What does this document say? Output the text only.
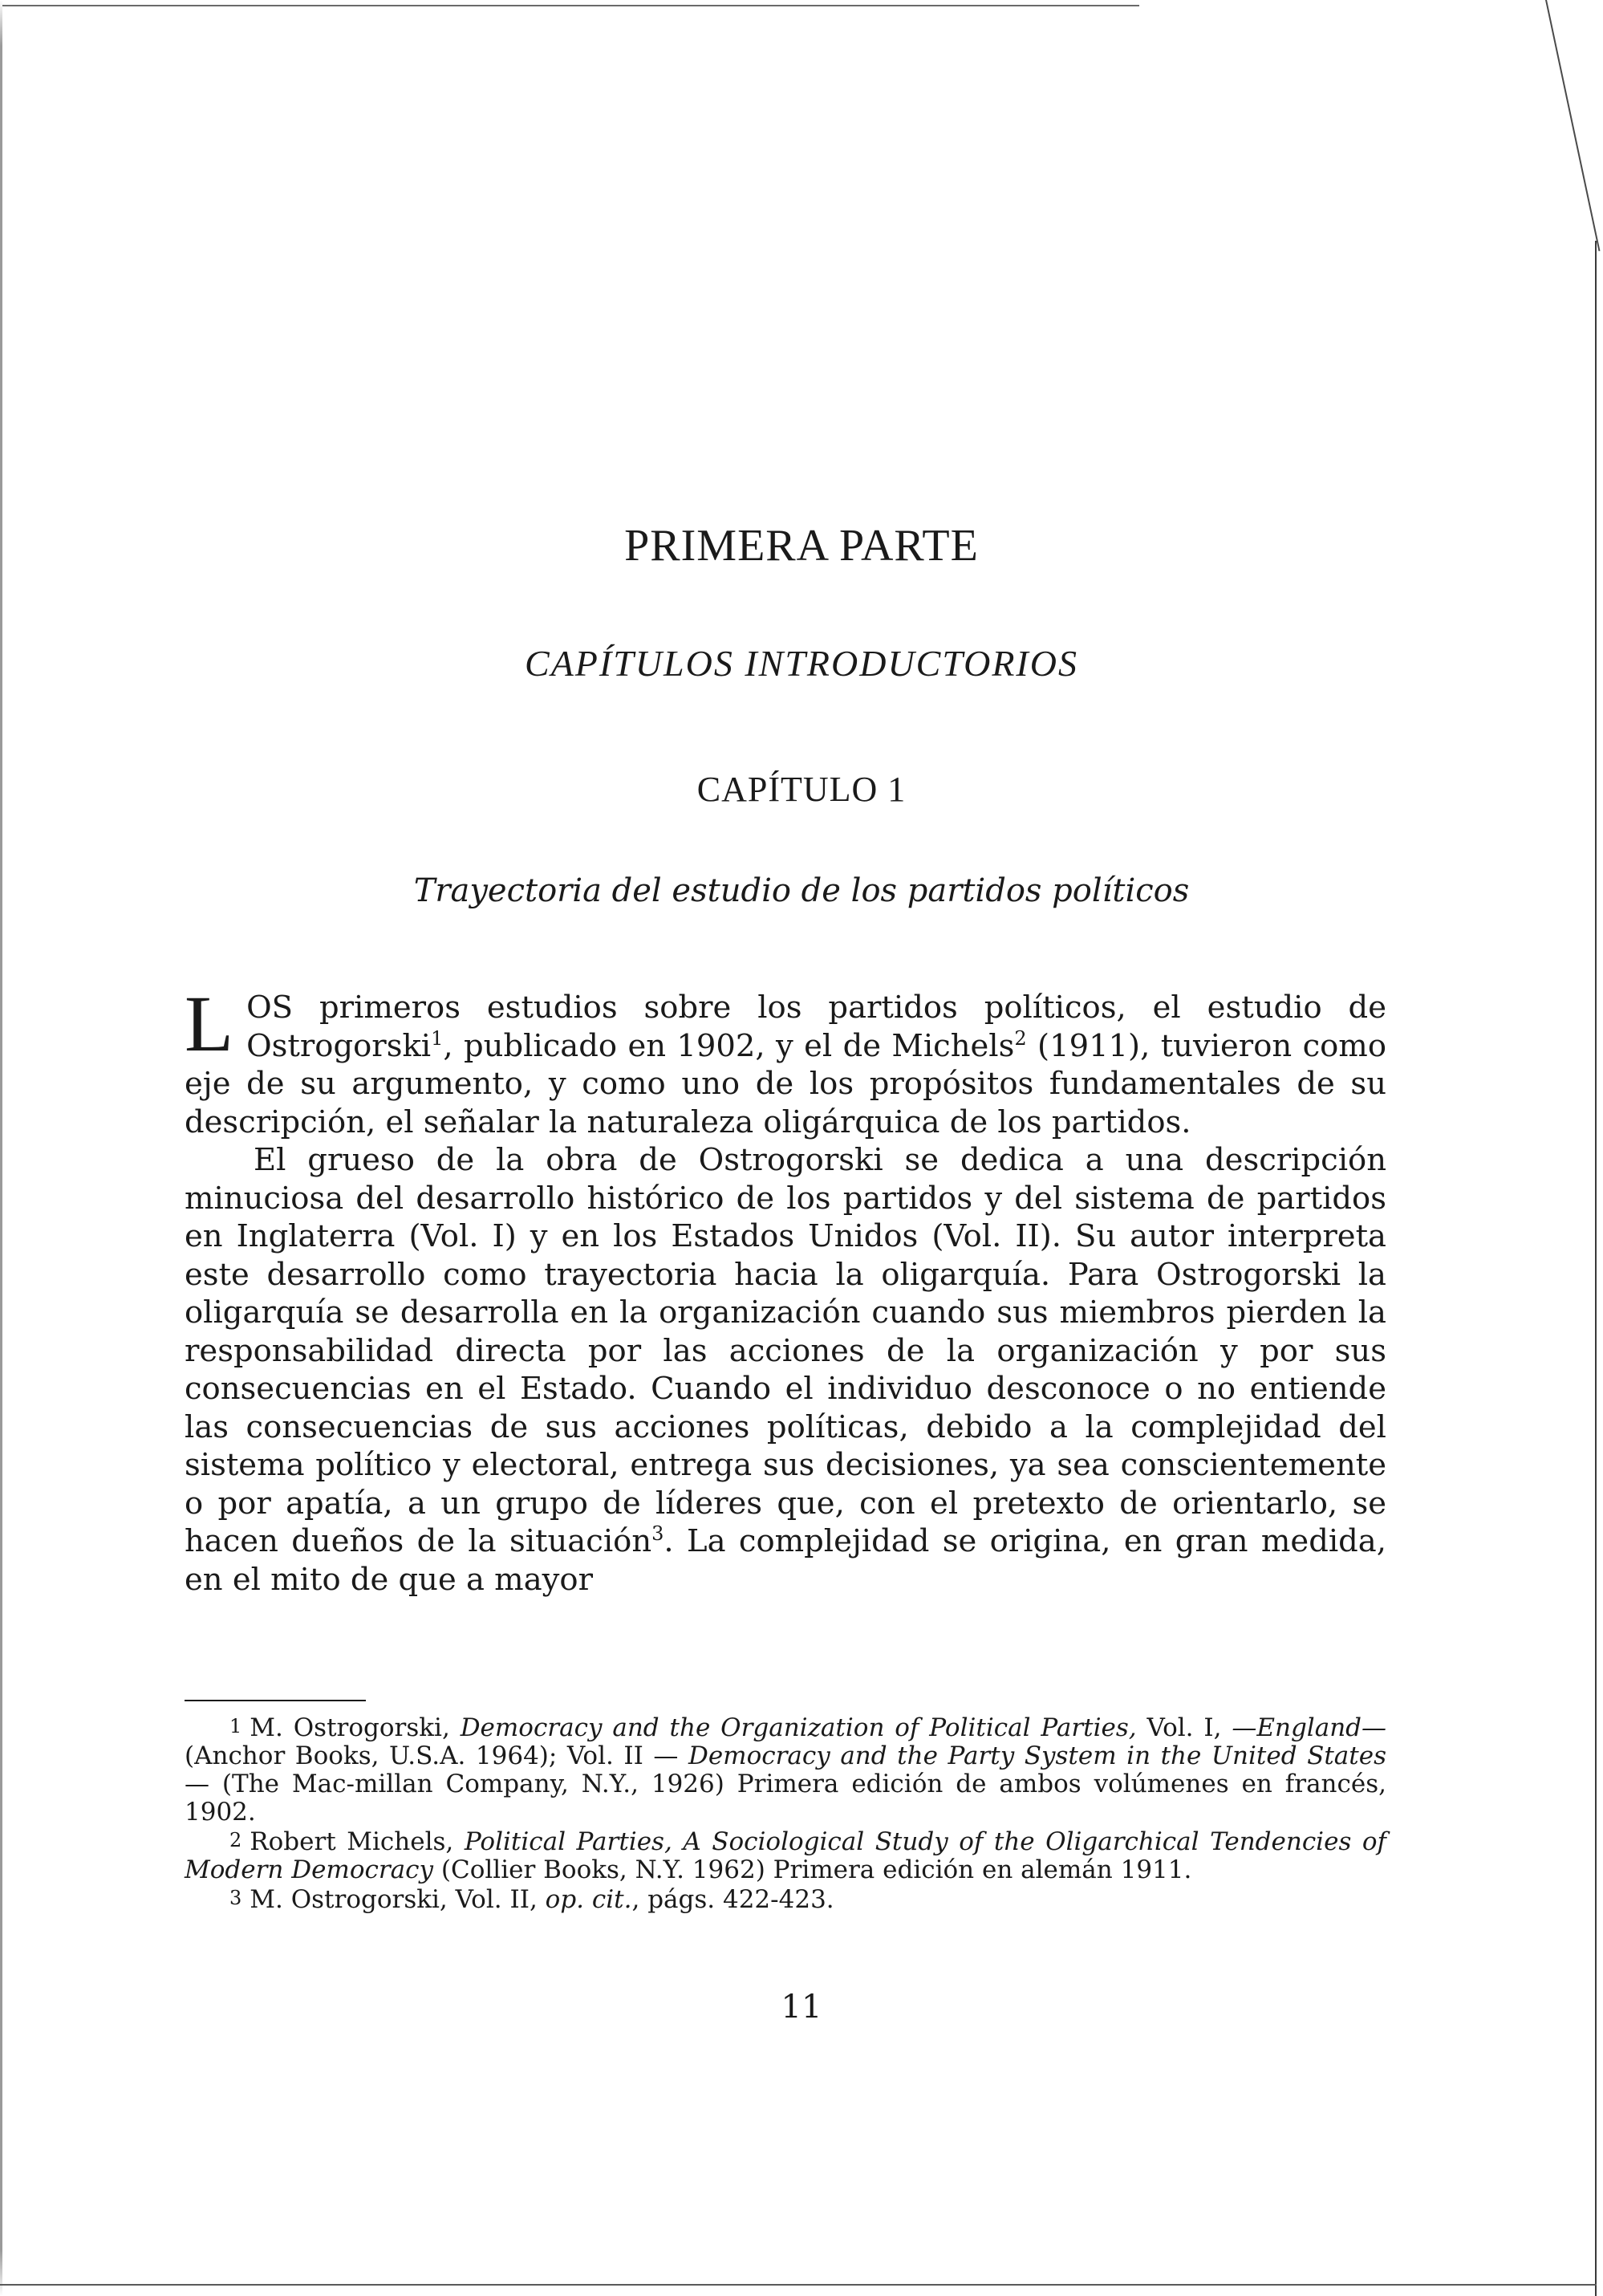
PRIMERA PARTE
CAPÍTULOS INTRODUCTORIOS
CAPÍTULO 1
Trayectoria del estudio de los partidos políticos

LOS primeros estudios sobre los partidos políticos, el estudio de Ostrogorski$^1$, publicado en 1902, y el de Michels$^2$ (1911), tuvieron como eje de su argumento, y como uno de los propósitos fundamentales de su descripción, el señalar la naturaleza oligárquica de los partidos.

El grueso de la obra de Ostrogorski se dedica a una descripción minuciosa del desarrollo histórico de los partidos y del sistema de partidos en Inglaterra (Vol. I) y en los Estados Unidos (Vol. II). Su autor interpreta este desarrollo como trayectoria hacia la oligarquía. Para Ostrogorski la oligarquía se desarrolla en la organización cuando sus miembros pierden la responsabilidad directa por las acciones de la organización y por sus consecuencias en el Estado. Cuando el individuo desconoce o no entiende las consecuencias de sus acciones políticas, debido a la complejidad del sistema político y electoral, entrega sus decisiones, ya sea conscientemente o por apatía, a un grupo de líderes que, con el pretexto de orientarlo, se hacen dueños de la situación$^3$. La complejidad se origina, en gran medida, en el mito de que a mayor

1 M. Ostrogorski, Democracy and the Organization of Political Parties, Vol. I, —England— (Anchor Books, U.S.A. 1964); Vol. II — Democracy and the Party System in the United States — (The Mac-millan Company, N.Y., 1926) Primera edición de ambos volúmenes en francés, 1902.

2 Robert Michels, Political Parties, A Sociological Study of the Oligarchical Tendencies of Modern Democracy (Collier Books, N.Y. 1962) Primera edición en alemán 1911.

3 M. Ostrogorski, Vol. II, op. cit., págs. 422-423.

11
